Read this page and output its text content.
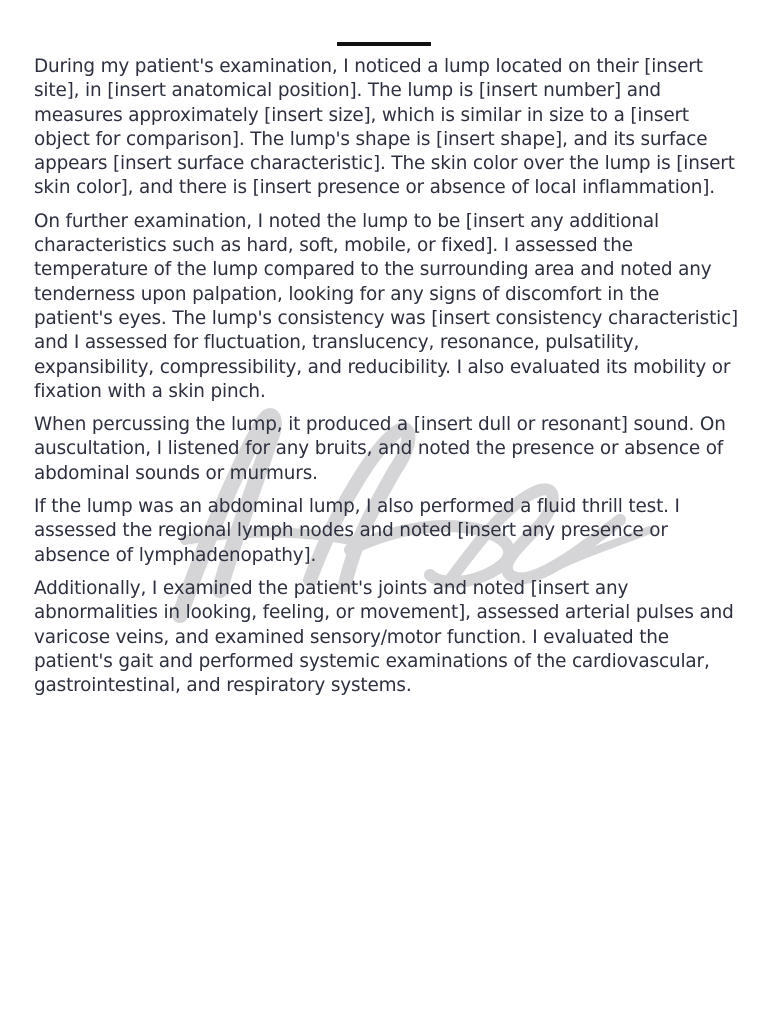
During my patient's examination, I noticed a lump located on their [insert site], in [insert anatomical position]. The lump is [insert number] and measures approximately [insert size], which is similar in size to a [insert object for comparison]. The lump's shape is [insert shape], and its surface appears [insert surface characteristic]. The skin color over the lump is [insert skin color], and there is [insert presence or absence of local inflammation].

On further examination, I noted the lump to be [insert any additional characteristics such as hard, soft, mobile, or fixed]. I assessed the temperature of the lump compared to the surrounding area and noted any tenderness upon palpation, looking for any signs of discomfort in the patient's eyes. The lump's consistency was [insert consistency characteristic] and I assessed for fluctuation, translucency, resonance, pulsatility, expansibility, compressibility, and reducibility. I also evaluated its mobility or fixation with a skin pinch.

When percussing the lump, it produced a [insert dull or resonant] sound. On auscultation, I listened for any bruits, and noted the presence or absence of abdominal sounds or murmurs.

If the lump was an abdominal lump, I also performed a fluid thrill test. I assessed the regional lymph nodes and noted [insert any presence or absence of lymphadenopathy].

Additionally, I examined the patient's joints and noted [insert any abnormalities in looking, feeling, or movement], assessed arterial pulses and varicose veins, and examined sensory/motor function. I evaluated the patient's gait and performed systemic examinations of the cardiovascular, gastrointestinal, and respiratory systems.
